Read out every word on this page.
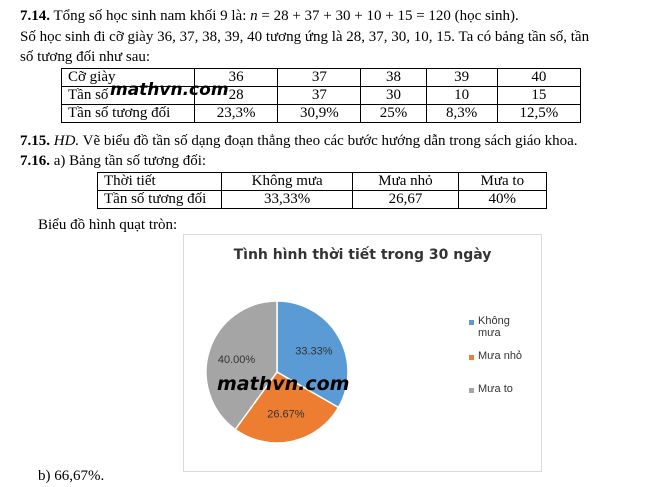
7.14. Tổng số học sinh nam khối 9 là: n = 28 + 37 + 30 + 10 + 15 = 120 (học sinh).
Số học sinh đi cỡ giày 36, 37, 38, 39, 40 tương ứng là 28, 37, 30, 10, 15. Ta có bảng tần số, tần
số tương đối như sau:
Cỡ giày	36	37	38	39	40
Tần số	28	37	30	10	15
Tần số tương đối	23,3%	30,9%	25%	8,3%	12,5%
mathvn.com
7.15. HD. Vẽ biểu đồ tần số dạng đoạn thẳng theo các bước hướng dẫn trong sách giáo khoa.
7.16. a) Bảng tần số tương đối:
Thời tiết	Không mưa	Mưa nhỏ	Mưa to
Tần số tương đối	33,33%	26,67	40%
Biểu đồ hình quạt tròn:
Tình hình thời tiết trong 30 ngày
33.33%
26.67%
40.00%
Không
mưa
Mưa nhỏ
Mưa to
mathvn.com
b) 66,67%.
